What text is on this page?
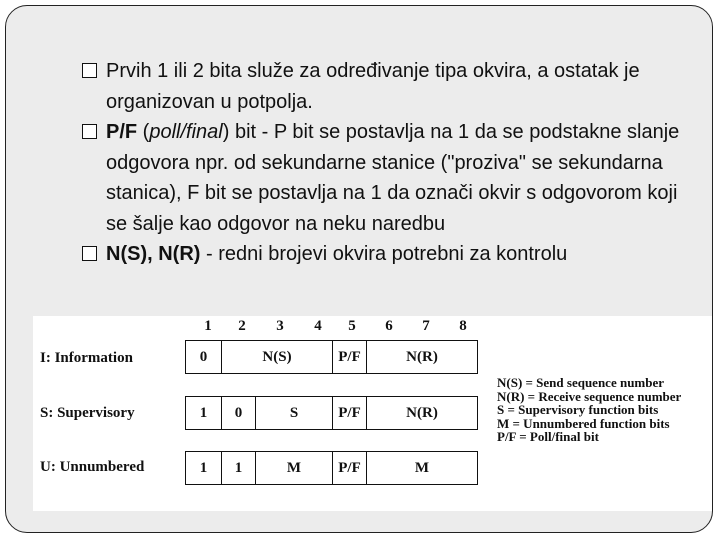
Prvih 1 ili 2 bita služe za određivanje tipa okvira, a ostatak je organizovan u potpolja.
P/F (poll/final) bit - P bit se postavlja na 1 da se podstakne slanje odgovora npr. od sekundarne stanice ("proziva" se sekundarna stanica), F bit se postavlja na 1 da označi okvir s odgovorom koji se šalje kao odgovor na neku naredbu
N(S), N(R) - redni brojevi okvira potrebni za kontrolu
1	2	3	4	5	6	7	8
I: Information	0	N(S)	P/F	N(R)
S: Supervisory	1	0	S	P/F	N(R)
U: Unnumbered	1	1	M	P/F	M
N(S) = Send sequence number
N(R) = Receive sequence number
S = Supervisory function bits
M = Unnumbered function bits
P/F = Poll/final bit
